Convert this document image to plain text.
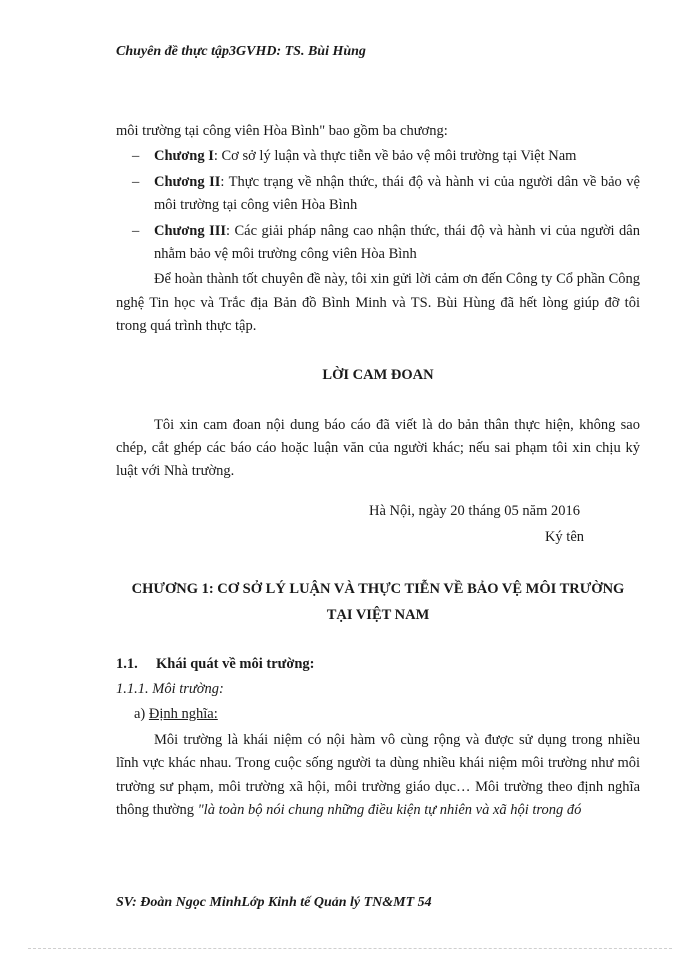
Chuyên đề thực tập3GVHD: TS. Bùi Hùng

môi trường tại công viên Hòa Bình" bao gồm ba chương:

– Chương I: Cơ sở lý luận và thực tiễn về bảo vệ môi trường tại Việt Nam
– Chương II: Thực trạng về nhận thức, thái độ và hành vi của người dân về bảo vệ môi trường tại công viên Hòa Bình
– Chương III: Các giải pháp nâng cao nhận thức, thái độ và hành vi của người dân nhằm bảo vệ môi trường công viên Hòa Bình

Để hoàn thành tốt chuyên đề này, tôi xin gửi lời cảm ơn đến Công ty Cổ phần Công nghệ Tin học và Trắc địa Bản đồ Bình Minh và TS. Bùi Hùng đã hết lòng giúp đỡ tôi trong quá trình thực tập.

LỜI CAM ĐOAN

Tôi xin cam đoan nội dung báo cáo đã viết là do bản thân thực hiện, không sao chép, cắt ghép các báo cáo hoặc luận văn của người khác; nếu sai phạm tôi xin chịu kỷ luật với Nhà trường.

Hà Nội, ngày 20 tháng 05 năm 2016

Ký tên

CHƯƠNG 1: CƠ SỞ LÝ LUẬN VÀ THỰC TIỄN VỀ BẢO VỆ MÔI TRƯỜNG

TẠI VIỆT NAM

1.1.	Khái quát về môi trường:

1.1.1. Môi trường:

a) Định nghĩa:

Môi trường là khái niệm có nội hàm vô cùng rộng và được sử dụng trong nhiều lĩnh vực khác nhau. Trong cuộc sống người ta dùng nhiều khái niệm môi trường như môi trường sư phạm, môi trường xã hội, môi trường giáo dục… Môi trường theo định nghĩa thông thường "là toàn bộ nói chung những điều kiện tự nhiên và xã hội trong đó

SV: Đoàn Ngọc MinhLớp Kinh tế Quản lý TN&MT 54
